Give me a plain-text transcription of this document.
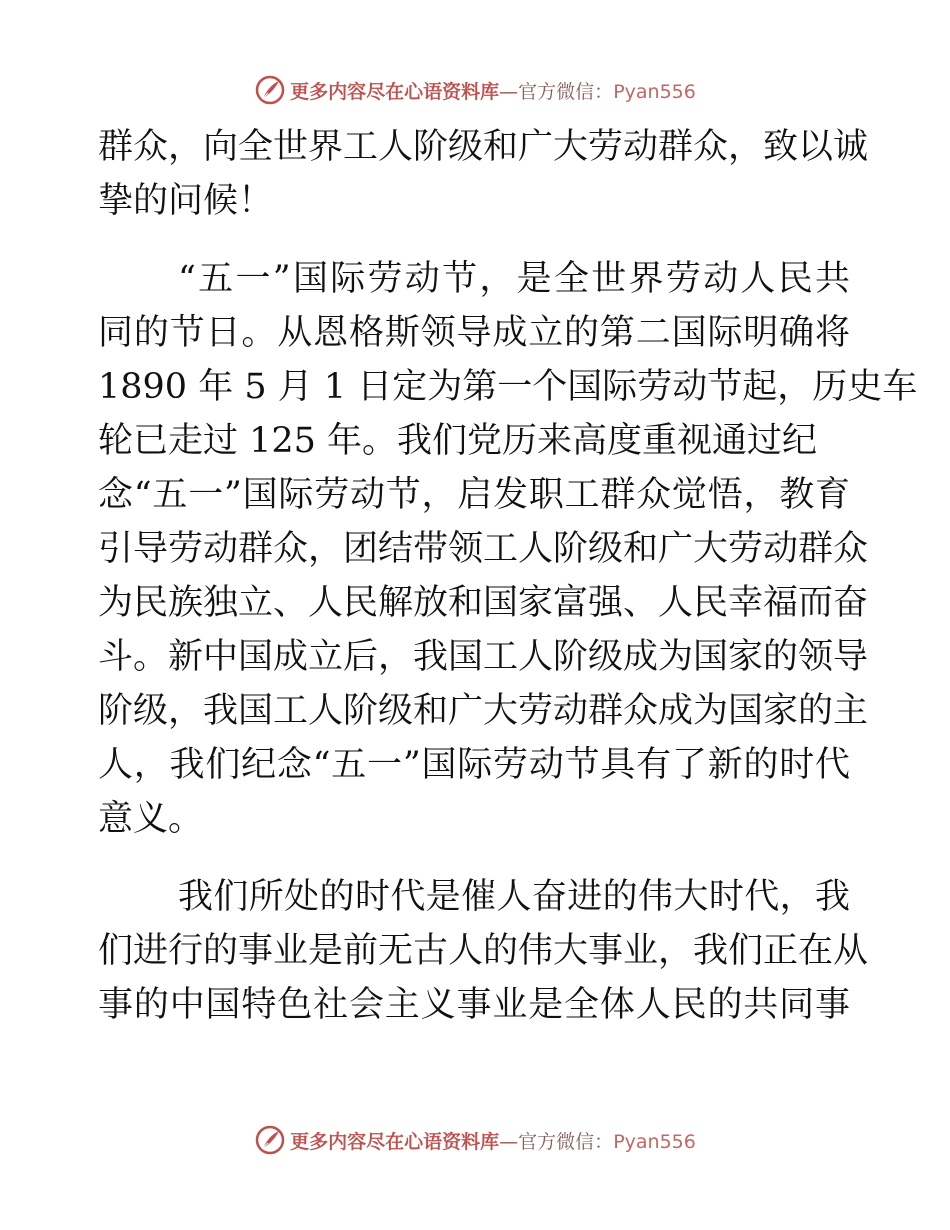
更多内容尽在心语资料库—官方微信：Pyan556
群众，向全世界工人阶级和广大劳动群众，致以诚
挚的问候！
“五一”国际劳动节，是全世界劳动人民共
同的节日。从恩格斯领导成立的第二国际明确将
1890 年 5 月 1 日定为第一个国际劳动节起，历史车
轮已走过 125 年。我们党历来高度重视通过纪
念“五一”国际劳动节，启发职工群众觉悟，教育
引导劳动群众，团结带领工人阶级和广大劳动群众
为民族独立、人民解放和国家富强、人民幸福而奋
斗。新中国成立后，我国工人阶级成为国家的领导
阶级，我国工人阶级和广大劳动群众成为国家的主
人，我们纪念“五一”国际劳动节具有了新的时代
意义。
我们所处的时代是催人奋进的伟大时代，我
们进行的事业是前无古人的伟大事业，我们正在从
事的中国特色社会主义事业是全体人民的共同事
更多内容尽在心语资料库—官方微信：Pyan556
